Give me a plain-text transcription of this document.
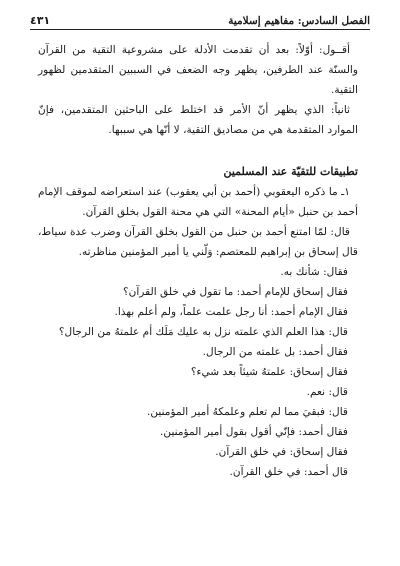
الفصل السادس: مفاهيم إسلامية
٤٣١

أقــول: أوّلاً: بعد أن تقدمت الأدلة على مشروعية التقية من القرآن والسنّة عند الطرفين، يظهر وجه الضعف في السببين المتقدمين لظهور التقية.

ثانياً: الذي يظهر أنّ الأمر قد اختلط على الباحثين المتقدمين، فإنّ الموارد المتقدمة هي من مصاديق التقية، لا أنّها هي سببها.

تطبيقات للتقيّة عند المسلمين

١ـ ما ذكره اليعقوبي (أحمد بن أبي يعقوب) عند استعراضه لموقف الإمام أحمد بن حنبل «أيام المحنة» التي هي محنة القول بخلق القرآن.

قال: لمّا امتنع أحمد بن حنبل من القول بخلق القرآن وضرب عدة سياط، قال إسحاق بن إبراهيم للمعتصم: وَلّني يا أمير المؤمنين مناظرته.

فقال: شأنك به.

فقال إسحاق للإمام أحمد: ما تقول في خلق القرآن؟

فقال الإمام أحمد: أنا رجل علمت علماً، ولم أعلم بهذا.

قال: هذا العلم الذي علمته نزل به عليك مَلَك أم علمتهُ من الرجال؟

فقال أحمد: بل علمته من الرجال.

فقال إسحاق: علمتهُ شيئاً بعد شيء؟

قال: نعم.

قال: فبقيَ مما لم تعلم وعلمكهُ أمير المؤمنين.

فقال أحمد: فإنّي أقول بقول أمير المؤمنين.

فقال إسحاق: في خلق القرآن.

قال أحمد: في خلق القرآن.
